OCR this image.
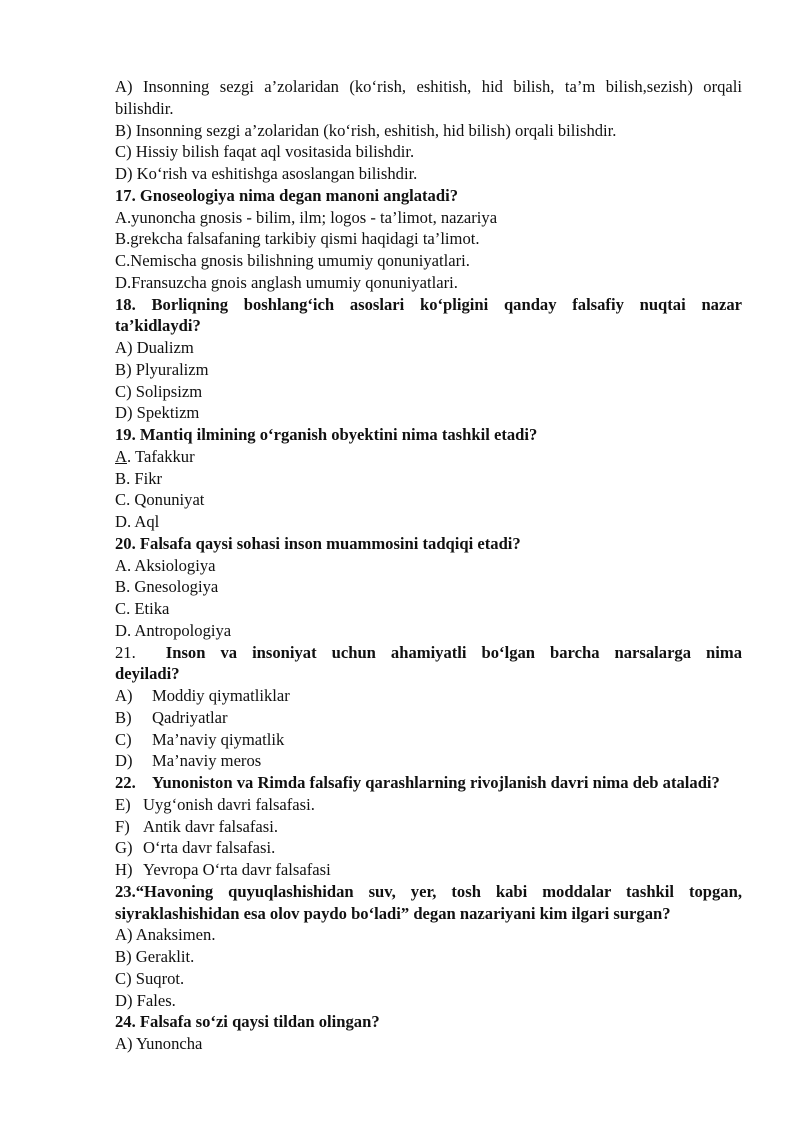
A) Insonning sezgi a’zolaridan (ko‘rish, eshitish, hid bilish, ta’m bilish,sezish) orqali
bilishdir.
B) Insonning sezgi a’zolaridan (ko‘rish, eshitish, hid bilish) orqali bilishdir.
C) Hissiy bilish faqat aql vositasida bilishdir.
D) Ko‘rish va eshitishga asoslangan bilishdir.
17. Gnoseologiya nima degan manoni anglatadi?
A.yunoncha gnosis - bilim, ilm; logos - ta’limot, nazariya
B.grekcha falsafaning tarkibiy qismi haqidagi ta’limot.
C.Nemischa gnosis bilishning umumiy qonuniyatlari.
D.Fransuzcha gnois anglash umumiy qonuniyatlari.
18. Borliqning boshlang‘ich asoslari ko‘pligini qanday falsafiy nuqtai nazar
ta’kidlaydi?
A) Dualizm
B) Plyuralizm
C) Solipsizm
D) Spektizm
19. Mantiq ilmining o‘rganish obyektini nima tashkil etadi?
A. Tafakkur
B. Fikr
C. Qonuniyat
D. Aql
20. Falsafa qaysi sohasi inson muammosini tadqiqi etadi?
A. Aksiologiya
B. Gnesologiya
C. Etika
D. Antropologiya
21. Inson va insoniyat uchun ahamiyatli bo‘lgan barcha narsalarga nima
deyiladi?
A) Moddiy qiymatliklar
B) Qadriyatlar
C) Ma’naviy qiymatlik
D) Ma’naviy meros
22. Yunoniston va Rimda falsafiy qarashlarning rivojlanish davri nima deb ataladi?
E) Uyg‘onish davri falsafasi.
F) Antik davr falsafasi.
G) O‘rta davr falsafasi.
H) Yevropa O‘rta davr falsafasi
23.“Havoning quyuqlashishidan suv, yer, tosh kabi moddalar tashkil topgan,
siyraklashishidan esa olov paydo bo‘ladi” degan nazariyani kim ilgari surgan?
A) Anaksimen.
B) Geraklit.
C) Suqrot.
D) Fales.
24. Falsafa so‘zi qaysi tildan olingan?
A) Yunoncha
